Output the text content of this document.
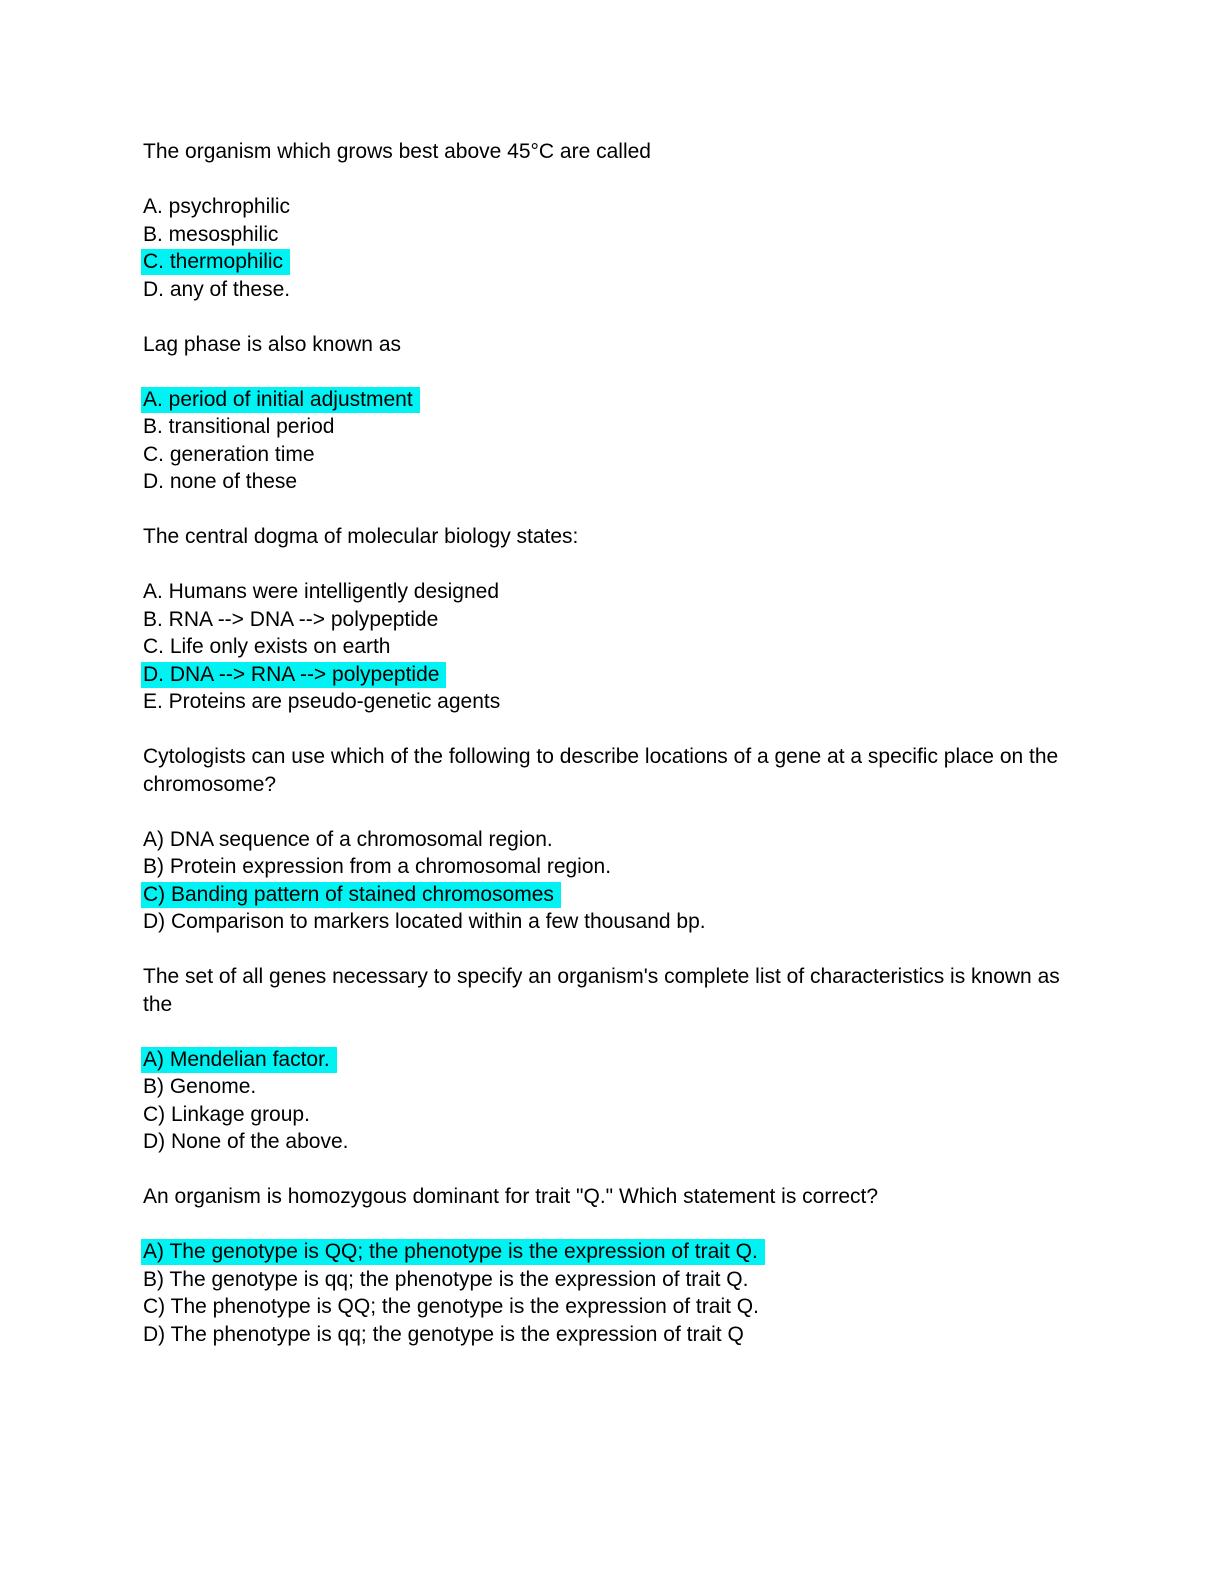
The organism which grows best above 45°C are called

A. psychrophilic
B. mesosphilic
C. thermophilic
D. any of these.

Lag phase is also known as

A. period of initial adjustment
B. transitional period
C. generation time
D. none of these

The central dogma of molecular biology states:

A. Humans were intelligently designed
B. RNA --> DNA --> polypeptide
C. Life only exists on earth
D. DNA --> RNA --> polypeptide
E. Proteins are pseudo-genetic agents

Cytologists can use which of the following to describe locations of a gene at a specific place on the chromosome?

A) DNA sequence of a chromosomal region.
B) Protein expression from a chromosomal region.
C) Banding pattern of stained chromosomes
D) Comparison to markers located within a few thousand bp.

The set of all genes necessary to specify an organism's complete list of characteristics is known as the

A) Mendelian factor.
B) Genome.
C) Linkage group.
D) None of the above.

An organism is homozygous dominant for trait "Q." Which statement is correct?

A) The genotype is QQ; the phenotype is the expression of trait Q.
B) The genotype is qq; the phenotype is the expression of trait Q.
C) The phenotype is QQ; the genotype is the expression of trait Q.
D) The phenotype is qq; the genotype is the expression of trait Q
